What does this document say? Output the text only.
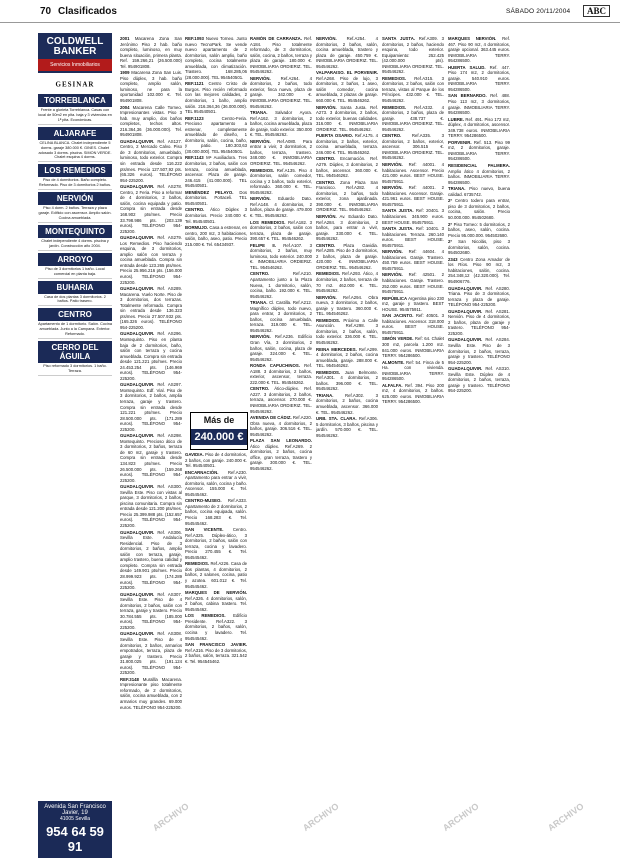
70 Clasificados	SÁBADO 20/11/2004	ABC
COLDWELL BANKER
Servicios Inmobiliarios
GESINAR
TORREBLANCA
Frente a glorieta Torreblanca. Casas con local de 50m2 en plta. baja y 3 viviendas en 1ª plta. Económicas.
ALJARAFE
CELINA BLANCA. Chalet independiente 5 dorms. garaje 380.000 €. GINES. Chalet adosado 3 dorms. piscina. SIMON VERDE. Chalet esquina 4 dorms.
LOS REMEDIOS
Piso de 4 dormitorios. Baño completo. Reformado. Piso de 3 dormitorios 2 baños.
NERVIÓN
Piso 4 dorm. 2 baños. Terraza y plaza garaje. Edificio con ascensor. Amplio salón. Cocina amueblada.
MONTEQUINTO
Chalet independiente 4 dorms. piscina y jardín. Construcción año 2004.
ARROYO
Piso de 3 dormitorios 1 baño. Local comercial en planta baja.
BUHARIA
Casa de dos plantas 3 dormitorios. 2 baños. Patio trasero.
CENTRO
Apartamento de 1 dormitorio. Salón. Cocina amueblada. Junto a la Campana. Exterior. Reformado.
CERRO DEL ÁGUILA
Piso reformado 3 dormitorios. 1 baño. Terraza.
Avenida San Francisco Javier, 19
41005 Sevilla
954 64 59 91

2001 Macarena Zona San Jerónimo Piso 2 hab. baño completo, luminoso, en muy buena situación, primera planta. Ref. 159.266,21 (26.500.000) Tel. 954901808.

1909 Macarena Zona San Luis. Piso dúplex, 3 hab. baño completo, amplio salón, luminoso, ne para la oportunidad 102.000 €. Tel. 954901808.

2004 Macarena Calle Torneo. Impresionantes vistas. Piso 3 hab. muy amplio, dos baños completos, techos altos. 216.364,36 (36.000.000). Tel. 954901808.

GUADALQUIVIR. Ref. AS127. Centro, 2 Mercado Calvo. Piso de 3 dormitorios, amueblado, luminoso, todo exterior. Compra sin entrada desde 116.222 pts/mes. Precio 127.507,92 pts. (65.326 euros). TELÉFONO 954-225200.

GUADALQUIVIR. Ref. AS278. Centro, 2 Feria. Piso a reformar de 4 dormitorios, 2 baños, salón, cocina equipada y patio. Compra sin entrada desde 168.902 pts/mes. Precio 33.798.986 pts. (203.139 euros). TELÉFONO 954-225200.

GUADALQUIVIR. Ref. AS279. Los Remedios. Piso haciendo esquina, de 3 dormitorios, amplio salón con terraza y cocina amueblada. Compra sin entrada desde 123.265 pts/mes. Precio 25.956.216 pts. (156.000 euros). TELÉFONO 954-225200.

GUADALQUIVIR. Ref. AS289. Macarena. Vuelo Norte. Piso de 3 dormitorios, dos terrazas. Totalmente reformado. Compra sin entrada desde 136.323 pts/mes. Precio 27.507.932 pts. (165.326 euros). TELÉFONO 954-225200.

GUADALQUIVIR. Ref. AS296. Montequinto. Piso en planta baja de 2 dormitorios, baño, salón con terraza y cocina amueblada. Compra sin entrada desde 121.221 pts/mes. Precio 24.453.254 pts. (146.969 euros). TELÉFONO 954-225200.

GUADALQUIVIR. Ref. AS297. Montequinto. Edf. Vial. Piso de 3 dormitorios, 2 baños, amplia terraza, garaje y trastero. Compra sin entrada desde 121.221 pts/mes. Precio 28.500.000 pts. (171.289 euros). TELÉFONO 954-225200.

GUADALQUIVIR. Ref. AS298. Montequinto. Precioso ático de 3 dormitorios, 2 baños, terraza de 60 m2, garaje y trastero. Compra sin entrada desde 134.823 pts/mes. Precio 26.500.000 pts. (159.268 euros). TELÉFONO 954-225200.

GUADALQUIVIR. Ref. AS300. Sevilla Este. Piso con vistas al parque, 3 dormitorios, 2 baños, piscina comunitaria. Compra sin entrada desde 121.200 pts/mes. Precio 25.399.988 pts. (152.657 euros). TELÉFONO 954-225200.

GUADALQUIVIR. Ref. AS306. Sevilla Este. Andalucía Residencial. Piso de 3 dormitorios, 2 baños, amplio salón con terraza, garaje, amplio trastero, buena calidad y completo. Compra sin entrada desde 149.901 pts/mes. Precio 28.999.923 pts. (174.289 euros). TELÉFONO 954-225200.

GUADALQUIVIR. Ref. AS307. Sevilla Este. Piso de 4 dormitorios, 2 baños, salón con terraza, garaje y trastero. Precio 30.784.555 pts. (185.000 euros). TELÉFONO 954-225200.

GUADALQUIVIR. Ref. AS308. Sevilla Este. Piso de 4 dormitorios, 2 baños, armarios empotrados, terraza, plaza de garaje y trastero. Precio 31.800.025 pts. (191.124 euros). TELÉFONO 954-225200.

REF.3148 Murallla Macarena. Impresionante piso totalmente reformado, de 2 dormitorios, salón, cocina amueblada, con 2 armarios muy grandes. 69.000 euros. TELÉFONO 954-225200.

REF.1093 Nuevo Torneo. Junto nuevo TecnoPark. Se vende nuevo apartamento de 2 dormitorios, salón amplio, baño completo, cocina totalmente amueblada, con climatización. Trastero. 168.285,06 (28.000.000). TEL 954540501.

REF.1121 Centro Cristo de Burgos. Piso recién reformado con las mejores calidades, 2 dormitorios, 1 baño, amplio salón. 216.364,36 (36.000.000). TEL 954540501.

REF.1123 Centro-Feria. Precioso apartamento a estrenar, completamente amueblado de diseño, 1 dormitorio, salón, cocina, baño, y patio. 180.303,63 (30.000.000). TEL 954540501.

REF.1143 Mª Auxiliadora. Tres dormitorios, 2 baños, salón con terraza, cocina amueblada, ascensor. Plaza de garaje. 246.415 (41.000.000). TEL 954540501.

MENÉNDEZ PELAYO. Dos dormitorios. Portaceli. TEL 954540501.

CENTRO. Ático Dúplex 3 dormitorios. Precio 240.000 €. Tel. 954540501.

BORMUJO. Casa a estrenar, en centro, 200 m2, 3 habitaciones, salón, baño, aseo, patio. Precio 215.000 €. Tel. 65434937.

RAMÓN DE CARRANZA. Ref. A184. Piso totalmente reformado, de 3 dormitorios, salón, cocina, 2 baños, terraza y plaza de garaje. 180.000 €. INMOBILIARIA ORDIERIZ. TEL. 954546262.

NERVIÓN. Ref.A264. 4 dormitorios, 2 baños, todo exterior, finca nueva, plaza de garaje. 342.000 €. INMOBILIARIA ORDIERIZ. TEL. 954546262.

TRIANA. Salvador Ayora. Ref.A162. 3 dormitorios, 2 baños, cocina amueblada, plaza de garaje, todo exterior. 350.000 €. TEL. 954546262.

NERVIÓN. Ref.A080. Para entrar a vivir, 3 dormitorios, 2 baños, terraza, trastero. 348.000 €. INMOBILIARIA ORDIERIZ. TEL. 954546262.

REMEDIOS. Ref.A135. Piso 4 dormitorios, salón comedor, cocina y 2 baños, todo exterior, reformado. 360.000 €. TEL. 954546262.

NERVIÓN. Eduardo Dato. Ref.A148. 4 dormitorios, 2 baños, plaza de garaje. 479.000 €. TEL. 954546262.

LOS REMEDIOS. Ref.A182. 3 dormitorios, 2 baños, salón con terraza, plaza de garaje. 390.657 €. TEL. 954546262.

FELIPE II. Ref.A107. 3 dormitorios, 2 baños, muy luminoso, todo exterior. 240.000 €. INMOBILIARIA ORDIERIZ. TEL. 954546262.

CENTRO. Ref.A210. Apartamento junto a la Plaza Nueva, 1 dormitorio, salón, cocina, baño. 192.000 €. TEL. 954546262.

TRIANA. Cl. Castilla. Ref.A212. Magnífico dúplex, todo nuevo, para entrar, 3 dormitorios, 2 baños, cocina amueblada, terraza. 319.000 €. TEL. 954546262.

NERVIÓN. Ref.A236. Edificio Gran Vía, 3 dormitorios, 2 baños, salón, cocina, plaza de garaje. 324.000 €. TEL. 954546262.

RONDA CAPUCHINOS. Ref. A188. 3 dormitorios, 2 baños, exterior, ascensor, terraza. 222.000 €. TEL. 954546262.

CENTRO. Ático-dúplex. Ref. A227. 3 dormitorios, 2 baños, terraza, ascensor. 270.000 €. INMOBILIARIA ORDIERIZ. TEL. 954546262.

AVENIDA DE CÁDIZ. Ref.A220. Obra nueva, 4 dormitorios, 2 baños, garaje. 306.516 €. TEL. 954546262.

PLAZA SAN LEONARDO. Ático dúplex. Ref.A269. 2 dormitorios, 2 baños, cocina office, gran terraza, trastero y garaje. 300.000 €. TEL. 954546262.

NERVIÓN. Ref.A254. 4 dormitorios, 2 baños, salón, cocina amueblada, trastero y plaza de garaje. 450.759 €. INMOBILIARIA ORDIERIZ. TEL. 954546262.

VALPARAISO. EL PORVENIR. Ref.A268. Piso de lujo, 3 dormitorios, 2 baños, 1 aseo, salón comedor, cocina amueblada, 2 plazas de garaje. 660.000 €. TEL. 954546262.

NERVIÓN. Santa Justa. Ref. A273. 3 dormitorios, 2 baños, todo exterior, buenas calidades. 316.000 €. INMOBILIARIA ORDIERIZ. TEL. 954546262.

PUERTA OSARIO. Ref.A175. 4 dormitorios, 2 baños, exterior, cocina amueblada, terraza. 246.000 €. TEL. 954546262.

CENTRO. Encarnación. Ref. A279. Dúplex, 3 dormitorios, 2 baños, ascensor. 360.000 €. TEL. 954546262.

CENTRO. Zona Plaza San Francisco. Ref.A282. 4 dormitorios, 2 baños, todo exterior, zona ajardinada. 390.000 €. INMOBILIARIA ORDIERIZ. TEL. 954546262.

NERVIÓN. Av. Eduardo Dato. Ref.A284. 3 dormitorios, 2 baños, para entrar a vivir, garaje. 330.000 €. TEL. 954546262.

CENTRO. Plaza Gavidia. Ref.A285. Piso de 3 dormitorios, 2 baños, plaza de garaje. 420.000 €. INMOBILIARIA ORDIERIZ. TEL. 954546262.

REMEDIOS. Ref.A293. Ático, 4 dormitorios, 2 baños, terraza de 70 m2. 462.000 €. TEL. 954546262.

NERVIÓN. Ref.A294. Obra nueva, 3 dormitorios, 2 baños, garaje y trastero. 360.000 €. TEL. 954546262.

REMEDIOS. Próximo a Calle Asunción. Ref.A298. 3 dormitorios, 2 baños, salón, todo exterior. 336.000 €. TEL. 954546262.

REINA MERCEDES. Ref.A299. 4 dormitorios, 2 baños, cocina amueblada, garaje. 288.000 €. TEL. 954546262.

REMEDIOS. Juan Belmonte. Ref.A301. 4 dormitorios, 2 baños. 396.000 €. TEL. 954546262.

TRIANA. Ref.A302. 3 dormitorios, 2 baños, cocina amueblada, ascensor. 366.000 €. TEL. 954546262.

URB. STA. CLARA. Ref.A306. 5 dormitorios, 3 baños, piscina y jardín. 570.000 €. TEL. 954546262.

SANTA JUSTA. Ref.A309. 3 dormitorios, 2 baños, haciendo esquina, todo exterior. Equipamiento: 252.425 (42.000.000 pts). INMOBILIARIA ORDIERIZ. TEL. 954546262.

REMEDIOS. Ref.A315. 3 dormitorios, 2 baños, salón con terraza, vistas al Parque de los Príncipes. 432.000 €. TEL. 954546262.

REMEDIOS. Ref.A332. 4 dormitorios, 2 baños, plaza de garaje. 438.737 €. INMOBILIARIA ORDIERIZ. TEL. 954546262.

CENTRO. Ref.A335. 3 dormitorios, 2 baños, exterior, ascensor. 306.515 €. INMOBILIARIA ORDIERIZ. TEL. 954546262.

NERVIÓN. Ref: 44001. 4 habitaciones. Ascensor. Precio 421.000 euros. BEST HOUSE. 954575911.

NERVIÓN. Ref: 44001. 2 habitaciones. Ascensor. Garaje. 421.961 euros. BEST HOUSE. 954575911.

SANTA JUSTA. Ref: 20401. 3 habitaciones. 345.900 euros. BEST HOUSE. 954575911.

SANTA JUSTA. Ref: 10401. 3 habitaciones. Terraza. 260.140 euros. BEST HOUSE. 954575911.

NERVIÓN. Ref: 44604. 4 habitaciones. Garaje. Trastero. 450.759 euros. BEST HOUSE. 954575911.

NERVIÓN. Ref: 42501. 2 habitaciones. Garaje. Trastero. 252.000 euros. BEST HOUSE. 954575911.

REPÚBLICA Argentina piso 230 m2, garaje y trastero. BEST HOUSE. 954575911.

SAN JACINTO. Ref: 40501. 3 habitaciones. Ascensor. 318.000 euros. BEST HOUSE. 954575911.

SIMÓN VERDE. Ref: 64. Chalet 300 m2, parcela 1.200 m2. 841.000 euros. INMOBILIARIA TERRY. 954286500.

ALMONTE. Ref: 54. Finca de 5 Ha. con vivienda. INMOBILIARIA TERRY. 954286500.

ALFALFA. Ref. 394. Piso 200 m2, 4 dormitorios, 2 baños. 625.000 euros. INMOBILIARIA TERRY. 954286500.

MARQUES NERVIÓN. Ref. 467. Piso 90 m2, 4 dormitorios, garaje opcional. 363.445 euros. INMOBILIARIA TERRY. 954286500.

HUERTA SALUD. Ref. 447. Piso 174 m2, 2 dormitorios, garaje. 540.910 euros. INMOBILIARIA TERRY. 954286500.

SAN BERNARDO. Ref. 488. Piso 113 m2, 3 dormitorios, garaje. INMOBILIARIA TERRY. 954286500.

LUBRE. Ref. 491. Piso 172 m2, dúplex, 4 dormitorios, ascensor. 349.738 euros. INMOBILIARIA TERRY. 954286500.

PORVENIR. Ref. 513. Piso 99 m2, 2 dormitorios, garaje. INMOBILIARIA TERRY. 954286500.

RESIDENCIAL PALMERA. Amplio ático 4 dormitorios, 2 baños. INMOBILIARIA TERRY. 954286500.

TRIANA. Piso nuevo, buena calidad. 6735742.

2ª Centro todero para entrar, piso de 3 dormitorios, 2 baños, cocina, salón. Precio 50.000.000. 954502680.

2ª Piso Torneo: 5 dormitorios, 2 baños, aseo, salón, cocina. Precio 95.000.000. 954502680.

2ª San Nicolás, piso 3 dormitorios, salón, cocina. 954502680.

2343 Centro Zona Amador de los Ríos. Piso 90 m2, 3 habitaciones, salón, cocina. 254.348,12 (42.320.000). Tel. 954906776.

GUADALQUIVIR. Ref. AS280. Triana. Piso de 3 dormitorios, terraza y plaza de garaje. TELÉFONO 954-225200.

GUADALQUIVIR. Ref. AS281. Nervión. Piso de 4 dormitorios, 2 baños, plaza de garaje y trastero. TELÉFONO 954-225200.

GUADALQUIVIR. Ref. AS284. Sevilla Este. Piso de 3 dormitorios, 2 baños, terraza, garaje y trastero. TELÉFONO 954-225200.

GUADALQUIVIR. Ref. AS310. Sevilla Este. Dúplex de 4 dormitorios, 2 baños, terraza, garaje y trastero. TELÉFONO 954-225200.

GAVIDIA. Piso de 4 dormitorios, 2 baños, con garaje. 240.000 €. Tel. 954540501.

ENCARNACIÓN. Ref.A230. Apartamento para entrar a vivir, dormitorio, salón, cocina y baño. Ascensor. 155.000 €. Tel. 954545462.

CENTRO-MUSEO. Ref.A333. Apartamento de 2 dormitorios, 2 baños, cocina equipada, salón. Precio 168.283 €. Tel. 954545462.

SAN VICENTE. Centro. Ref.A325. Dúplex-ático, 3 dormitorios, 2 baños, salón con terraza, cocina y lavadero. Precio 270.455 €. Tel. 954545462.

REMEDIOS. Ref.A226. Casa de dos plantas, 4 dormitorios, 2 baños, 2 salones, cocina, patio y azotea. 601.012 €. Tel. 954545462.

MARQUES DE NERVIÓN. Ref.A326. 4 dormitorios, salón, 2 baños, cabina trastero. Tel. 954545462.

LOS REMEDIOS. Edificio Presidente. Ref.A322. 3 dormitorios, 2 baños, salón, cocina y lavadero. Tel. 954545462.

SAN FRANCISCO JAVIER. Ref.A316. Piso de 3 dormitorios, 2 baños, salón, terraza. 321.542 €. Tel. 954545462.

Más de
240.000 €
ARCHIVO	ARCHIVO	ARCHIVO	ARCHIVO
